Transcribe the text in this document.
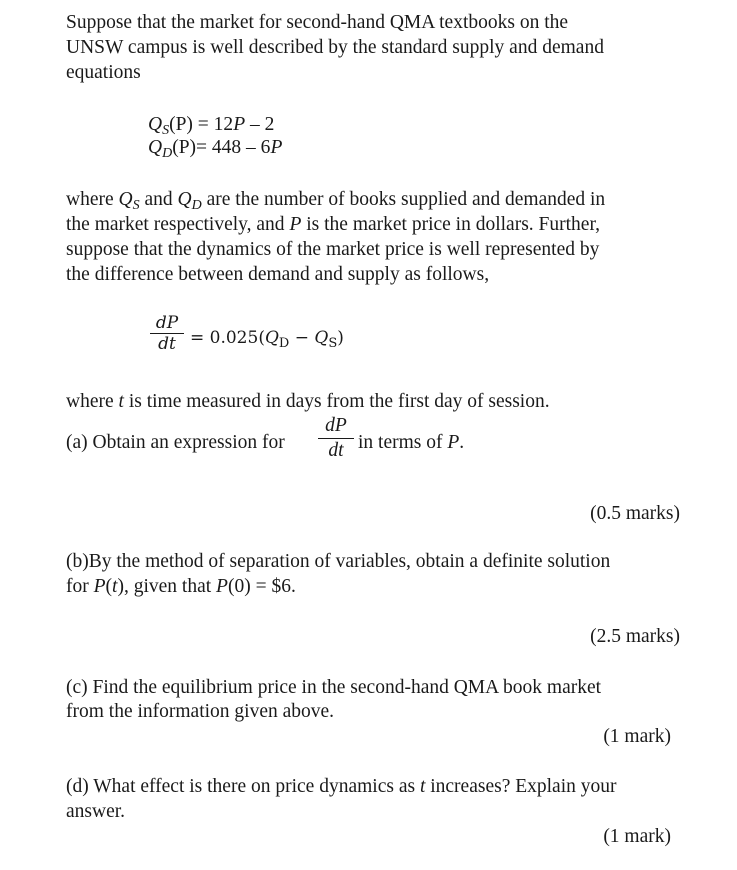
Suppose that the market for second-hand QMA textbooks on the
UNSW campus is well described by the standard supply and demand
equations
$Q_S(P) = 12P - 2$
$Q_D(P)= 448 - 6P$
where $Q_S$ and $Q_D$ are the number of books supplied and demanded in
the market respectively, and P is the market price in dollars. Further,
suppose that the dynamics of the market price is well represented by
the difference between demand and supply as follows,
dP
dt = $0.025(Q_D - Q_S)$
where t is time measured in days from the first day of session.
(a) Obtain an expression for
dP
dt in terms of P.
(0.5 marks)
(b)By the method of separation of variables, obtain a definite solution
for P(t), given that P(0) = $6.
(2.5 marks)
(c) Find the equilibrium price in the second-hand QMA book market
from the information given above.
(1 mark)
(d) What effect is there on price dynamics as t increases? Explain your
answer.
(1 mark)
